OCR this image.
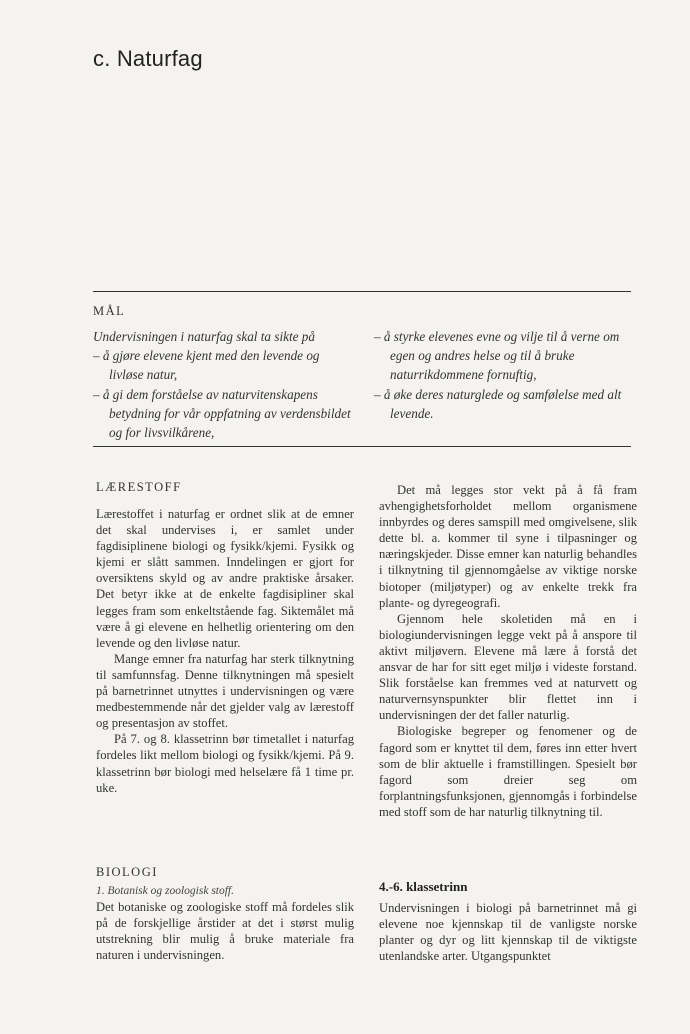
c. Naturfag
MÅL

Undervisningen i naturfag skal ta sikte på

– å gjøre elevene kjent med den levende og livløse natur,

– å gi dem forståelse av naturvitenskapens betydning for vår oppfatning av verdensbildet og for livsvilkårene,

– å styrke elevenes evne og vilje til å verne om egen og andres helse og til å bruke naturrikdommene fornuftig,

– å øke deres naturglede og samfølelse med alt levende.

LÆRESTOFF

Lærestoffet i naturfag er ordnet slik at de emner det skal undervises i, er samlet under fagdisiplinene biologi og fysikk/kjemi. Fysikk og kjemi er slått sammen. Inndelingen er gjort for oversiktens skyld og av andre praktiske årsaker. Det betyr ikke at de enkelte fagdisipliner skal legges fram som enkeltstående fag. Siktemålet må være å gi elevene en helhetlig orientering om den levende og den livløse natur.

Mange emner fra naturfag har sterk tilknytning til samfunnsfag. Denne tilknytningen må spesielt på barnetrinnet utnyttes i undervisningen og være medbestemmende når det gjelder valg av lærestoff og presentasjon av stoffet.

På 7. og 8. klassetrinn bør timetallet i naturfag fordeles likt mellom biologi og fysikk/kjemi. På 9. klassetrinn bør biologi med helselære få 1 time pr. uke.

BIOLOGI

1. Botanisk og zoologisk stoff.

Det botaniske og zoologiske stoff må fordeles slik på de forskjellige årstider at det i størst mulig utstrekning blir mulig å bruke materiale fra naturen i undervisningen.

Det må legges stor vekt på å få fram avhengighetsforholdet mellom organismene innbyrdes og deres samspill med omgivelsene, slik dette bl. a. kommer til syne i tilpasninger og næringskjeder. Disse emner kan naturlig behandles i tilknytning til gjennomgåelse av viktige norske biotoper (miljøtyper) og av enkelte trekk fra plante- og dyregeografi.

Gjennom hele skoletiden må en i biologiundervisningen legge vekt på å anspore til aktivt miljøvern. Elevene må lære å forstå det ansvar de har for sitt eget miljø i videste forstand. Slik forståelse kan fremmes ved at naturvett og naturvernsynspunkter blir flettet inn i undervisningen der det faller naturlig.

Biologiske begreper og fenomener og de fagord som er knyttet til dem, føres inn etter hvert som de blir aktuelle i framstillingen. Spesielt bør fagord som dreier seg om forplantningsfunksjonen, gjennomgås i forbindelse med stoff som de har naturlig tilknytning til.

4.-6. klassetrinn

Undervisningen i biologi på barnetrinnet må gi elevene noe kjennskap til de vanligste norske planter og dyr og litt kjennskap til de viktigste utenlandske arter. Utgangspunktet
